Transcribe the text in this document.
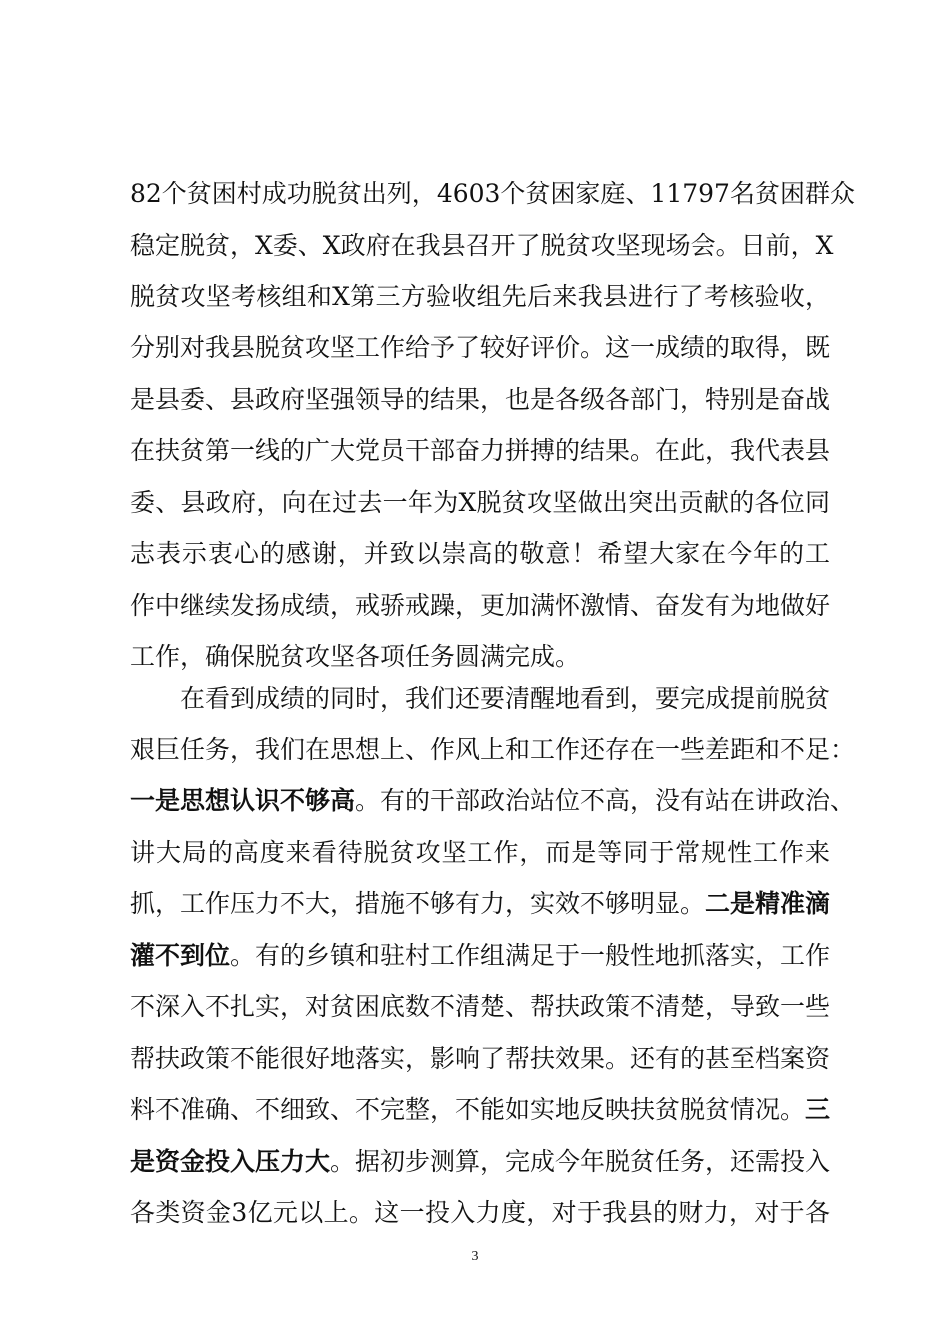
82个贫困村成功脱贫出列，4603个贫困家庭、11797名贫困群众
稳定脱贫，X委、X政府在我县召开了脱贫攻坚现场会。日前，X
脱贫攻坚考核组和X第三方验收组先后来我县进行了考核验收，
分别对我县脱贫攻坚工作给予了较好评价。这一成绩的取得，既
是县委、县政府坚强领导的结果，也是各级各部门，特别是奋战
在扶贫第一线的广大党员干部奋力拼搏的结果。在此，我代表县
委、县政府，向在过去一年为X脱贫攻坚做出突出贡献的各位同
志表示衷心的感谢，并致以崇高的敬意！希望大家在今年的工
作中继续发扬成绩，戒骄戒躁，更加满怀激情、奋发有为地做好
工作，确保脱贫攻坚各项任务圆满完成。
在看到成绩的同时，我们还要清醒地看到，要完成提前脱贫
艰巨任务，我们在思想上、作风上和工作还存在一些差距和不足：
一是思想认识不够高。有的干部政治站位不高，没有站在讲政治、
讲大局的高度来看待脱贫攻坚工作，而是等同于常规性工作来
抓，工作压力不大，措施不够有力，实效不够明显。二是精准滴
灌不到位。有的乡镇和驻村工作组满足于一般性地抓落实，工作
不深入不扎实，对贫困底数不清楚、帮扶政策不清楚，导致一些
帮扶政策不能很好地落实，影响了帮扶效果。还有的甚至档案资
料不准确、不细致、不完整，不能如实地反映扶贫脱贫情况。三
是资金投入压力大。据初步测算，完成今年脱贫任务，还需投入
各类资金3亿元以上。这一投入力度，对于我县的财力，对于各
3
